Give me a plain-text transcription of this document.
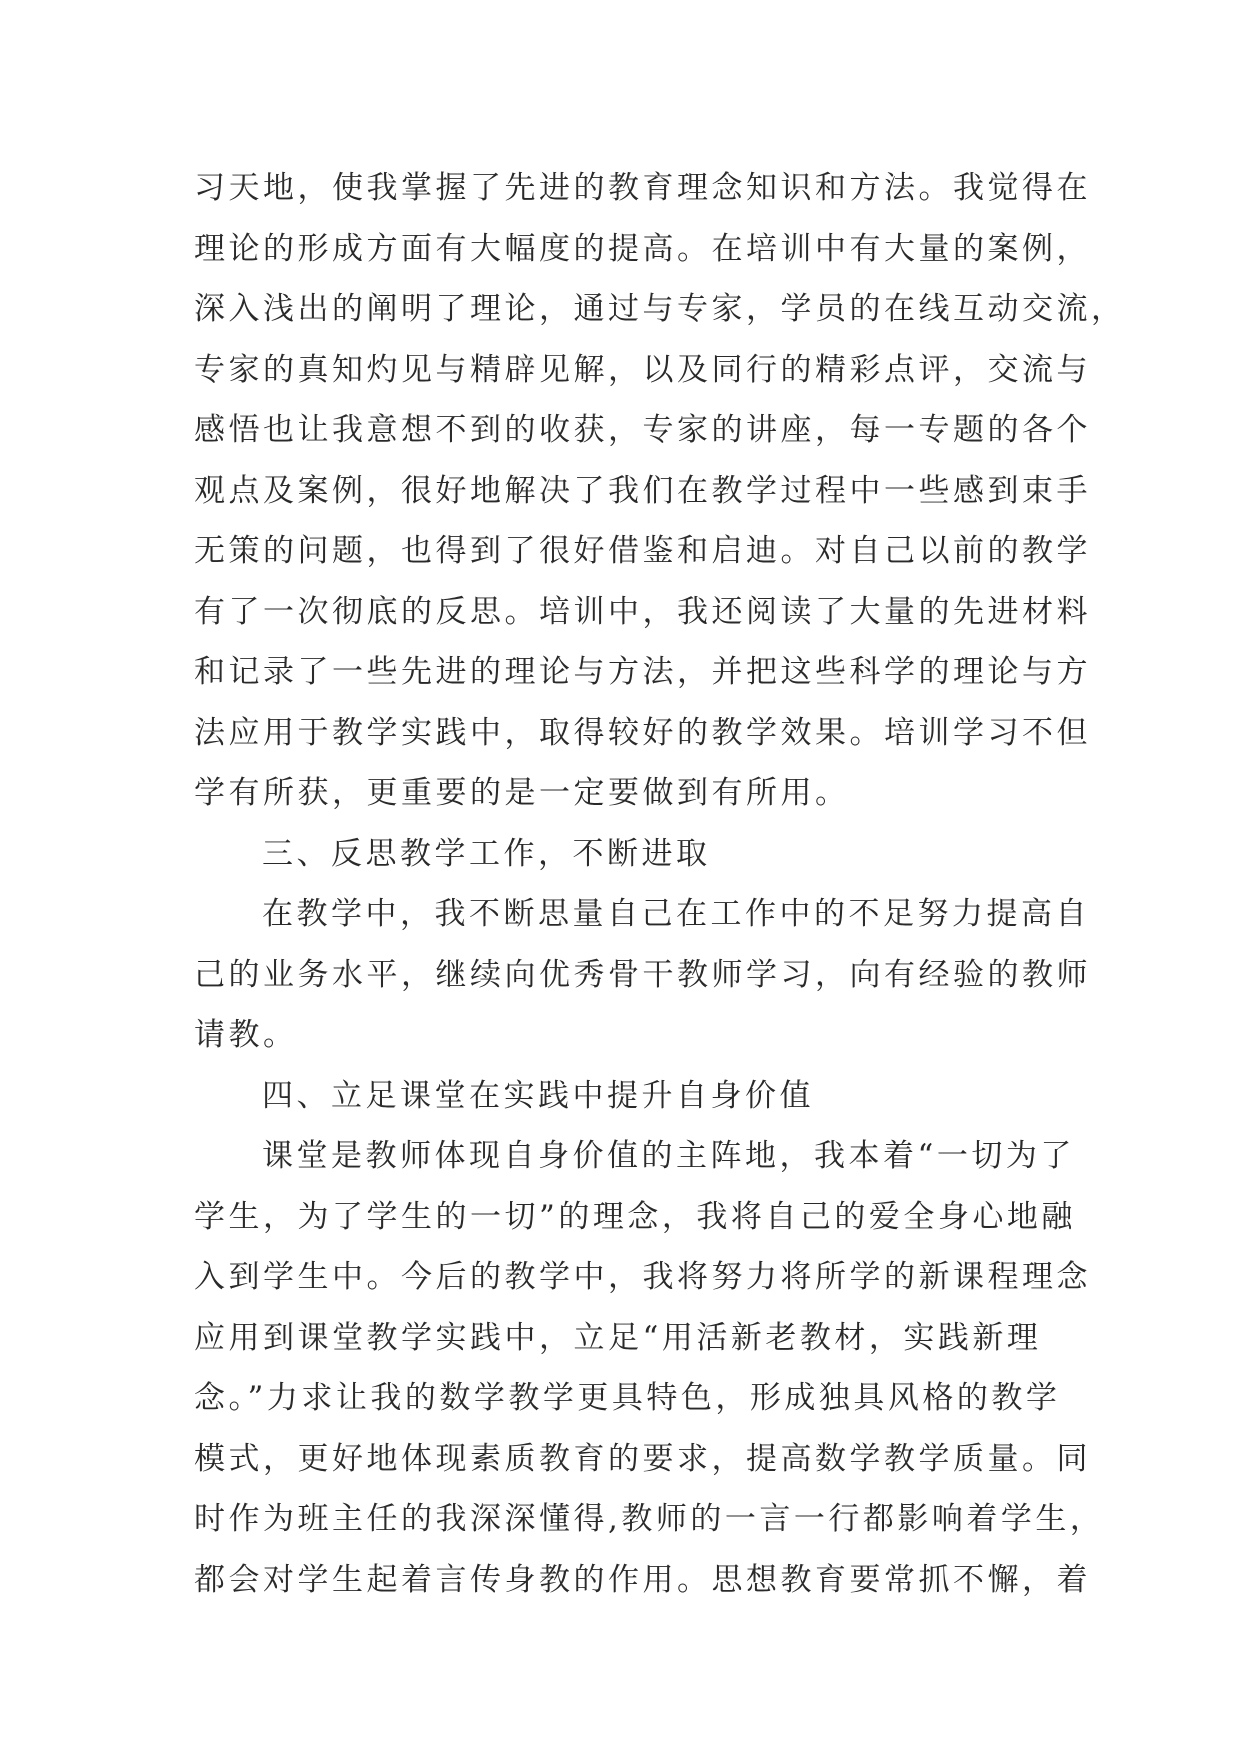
习天地，使我掌握了先进的教育理念知识和方法。我觉得在
理论的形成方面有大幅度的提高。在培训中有大量的案例，
深入浅出的阐明了理论，通过与专家，学员的在线互动交流，
专家的真知灼见与精辟见解，以及同行的精彩点评，交流与
感悟也让我意想不到的收获，专家的讲座，每一专题的各个
观点及案例，很好地解决了我们在教学过程中一些感到束手
无策的问题，也得到了很好借鉴和启迪。对自己以前的教学
有了一次彻底的反思。培训中，我还阅读了大量的先进材料
和记录了一些先进的理论与方法，并把这些科学的理论与方
法应用于教学实践中，取得较好的教学效果。培训学习不但
学有所获，更重要的是一定要做到有所用。
三、反思教学工作，不断进取
在教学中，我不断思量自己在工作中的不足努力提高自
己的业务水平，继续向优秀骨干教师学习，向有经验的教师
请教。
四、立足课堂在实践中提升自身价值
课堂是教师体现自身价值的主阵地，我本着“一切为了
学生，为了学生的一切”的理念，我将自己的爱全身心地融
入到学生中。今后的教学中，我将努力将所学的新课程理念
应用到课堂教学实践中，立足“用活新老教材，实践新理
念。”力求让我的数学教学更具特色，形成独具风格的教学
模式，更好地体现素质教育的要求，提高数学教学质量。同
时作为班主任的我深深懂得,教师的一言一行都影响着学生，
都会对学生起着言传身教的作用。思想教育要常抓不懈，着
